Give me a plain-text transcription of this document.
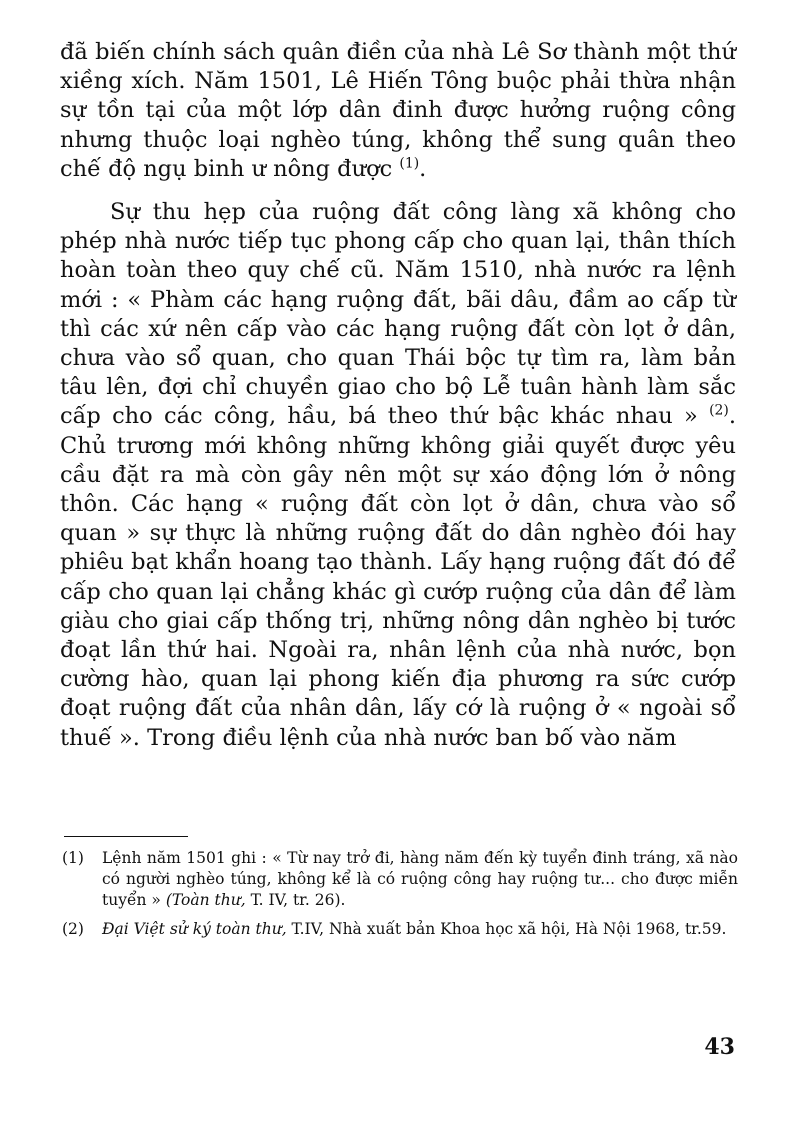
đã biến chính sách quân điền của nhà Lê Sơ thành một thứ xiềng xích. Năm 1501, Lê Hiến Tông buộc phải thừa nhận sự tồn tại của một lớp dân đinh được hưởng ruộng công nhưng thuộc loại nghèo túng, không thể sung quân theo chế độ ngụ binh ư nông được $^{(1)}$.

Sự thu hẹp của ruộng đất công làng xã không cho phép nhà nước tiếp tục phong cấp cho quan lại, thân thích hoàn toàn theo quy chế cũ. Năm 1510, nhà nước ra lệnh mới : « Phàm các hạng ruộng đất, bãi dâu, đầm ao cấp từ thì các xứ nên cấp vào các hạng ruộng đất còn lọt ở dân, chưa vào sổ quan, cho quan Thái bộc tự tìm ra, làm bản tâu lên, đợi chỉ chuyền giao cho bộ Lễ tuân hành làm sắc cấp cho các công, hầu, bá theo thứ bậc khác nhau » $^{(2)}$. Chủ trương mới không những không giải quyết được yêu cầu đặt ra mà còn gây nên một sự xáo động lớn ở nông thôn. Các hạng « ruộng đất còn lọt ở dân, chưa vào sổ quan » sự thực là những ruộng đất do dân nghèo đói hay phiêu bạt khẩn hoang tạo thành. Lấy hạng ruộng đất đó để cấp cho quan lại chẳng khác gì cướp ruộng của dân để làm giàu cho giai cấp thống trị, những nông dân nghèo bị tước đoạt lần thứ hai. Ngoài ra, nhân lệnh của nhà nước, bọn cường hào, quan lại phong kiến địa phương ra sức cướp đoạt ruộng đất của nhân dân, lấy cớ là ruộng ở « ngoài sổ thuế ». Trong điều lệnh của nhà nước ban bố vào năm

(1)	Lệnh năm 1501 ghi : « Từ nay trở đi, hàng năm đến kỳ tuyển đinh tráng, xã nào có người nghèo túng, không kể là có ruộng công hay ruộng tư... cho được miễn tuyển » (Toàn thư, T. IV, tr. 26).

(2)	Đại Việt sử ký toàn thư, T.IV, Nhà xuất bản Khoa học xã hội, Hà Nội 1968, tr.59.

43
